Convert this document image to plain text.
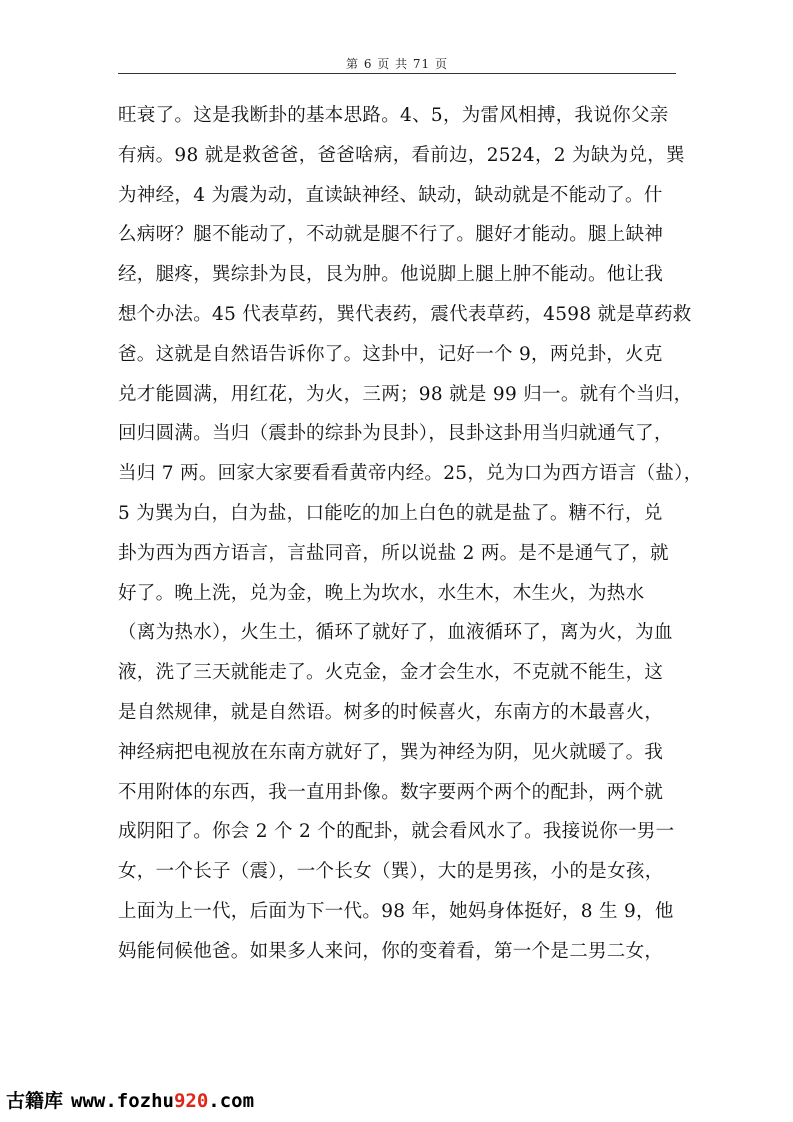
第 6 页 共 71 页
旺衰了。这是我断卦的基本思路。4、5，为雷风相搏，我说你父亲
有病。98 就是救爸爸，爸爸啥病，看前边，2524，2 为缺为兑，巽
为神经，4 为震为动，直读缺神经、缺动，缺动就是不能动了。什
么病呀？腿不能动了，不动就是腿不行了。腿好才能动。腿上缺神
经，腿疼，巽综卦为艮，艮为肿。他说脚上腿上肿不能动。他让我
想个办法。45 代表草药，巽代表药，震代表草药，4598 就是草药救
爸。这就是自然语告诉你了。这卦中，记好一个 9，两兑卦，火克
兑才能圆满，用红花，为火，三两；98 就是 99 归一。就有个当归，
回归圆满。当归（震卦的综卦为艮卦），艮卦这卦用当归就通气了，
当归 7 两。回家大家要看看黄帝内经。25，兑为口为西方语言（盐），
5 为巽为白，白为盐，口能吃的加上白色的就是盐了。糖不行，兑
卦为西为西方语言，言盐同音，所以说盐 2 两。是不是通气了，就
好了。晚上洗，兑为金，晚上为坎水，水生木，木生火，为热水
（离为热水），火生土，循环了就好了，血液循环了，离为火，为血
液，洗了三天就能走了。火克金，金才会生水，不克就不能生，这
是自然规律，就是自然语。树多的时候喜火，东南方的木最喜火，
神经病把电视放在东南方就好了，巽为神经为阴，见火就暖了。我
不用附体的东西，我一直用卦像。数字要两个两个的配卦，两个就
成阴阳了。你会 2 个 2 个的配卦，就会看风水了。我接说你一男一
女，一个长子（震），一个长女（巽），大的是男孩，小的是女孩，
上面为上一代，后面为下一代。98 年，她妈身体挺好，8 生 9，他
妈能伺候他爸。如果多人来问，你的变着看，第一个是二男二女，
古籍库 www.fozhu920.com
